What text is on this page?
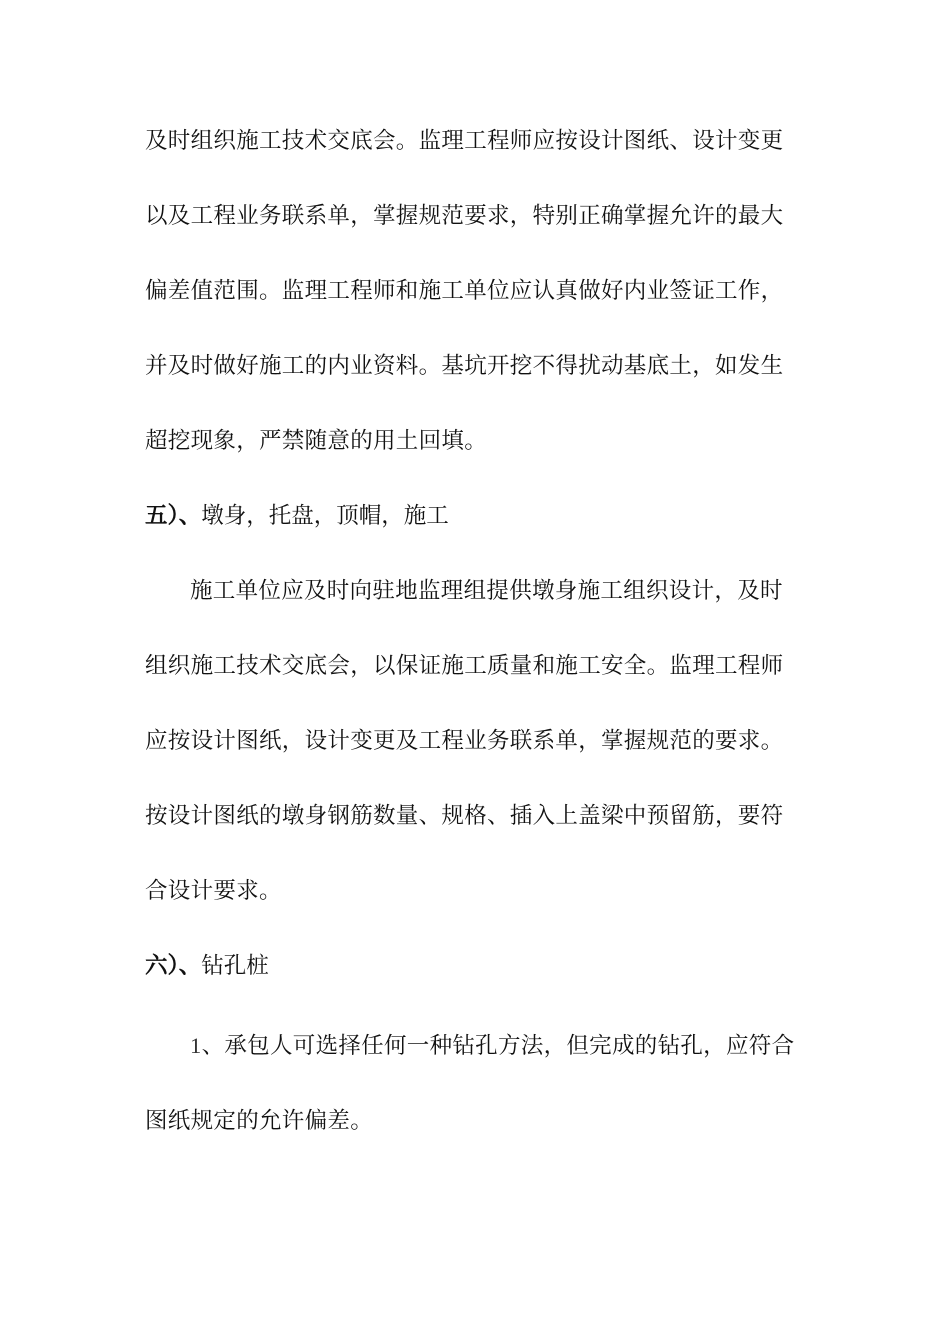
及时组织施工技术交底会。监理工程师应按设计图纸、设计变更
以及工程业务联系单，掌握规范要求，特别正确掌握允许的最大
偏差值范围。监理工程师和施工单位应认真做好内业签证工作，
并及时做好施工的内业资料。基坑开挖不得扰动基底土，如发生
超挖现象，严禁随意的用土回填。
五）、墩身，托盘，顶帽，施工
施工单位应及时向驻地监理组提供墩身施工组织设计，及时
组织施工技术交底会，以保证施工质量和施工安全。监理工程师
应按设计图纸，设计变更及工程业务联系单，掌握规范的要求。
按设计图纸的墩身钢筋数量、规格、插入上盖梁中预留筋，要符
合设计要求。
六）、钻孔桩
1、承包人可选择任何一种钻孔方法，但完成的钻孔，应符合
图纸规定的允许偏差。
